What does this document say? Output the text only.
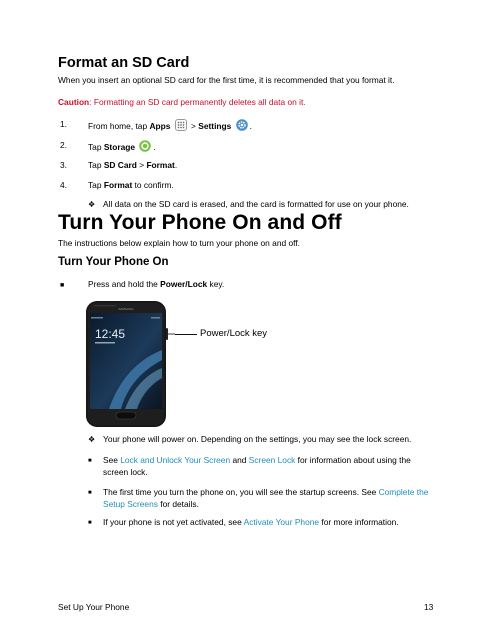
Format an SD Card
When you insert an optional SD card for the first time, it is recommended that you format it.
Caution: Formatting an SD card permanently deletes all data on it.
1.	From home, tap Apps  > Settings .
2.	Tap Storage .
3.	Tap SD Card > Format.
4.	Tap Format to confirm.
❖ All data on the SD card is erased, and the card is formatted for use on your phone.
Turn Your Phone On and Off
The instructions below explain how to turn your phone on and off.
Turn Your Phone On
■	Press and hold the Power/Lock key.
SAMSUNG
12:45	Power/Lock key
❖ Your phone will power on. Depending on the settings, you may see the lock screen.
■ See Lock and Unlock Your Screen and Screen Lock for information about using the screen lock.
■ The first time you turn the phone on, you will see the startup screens. See Complete the Setup Screens for details.
■ If your phone is not yet activated, see Activate Your Phone for more information.
Set Up Your Phone	13
